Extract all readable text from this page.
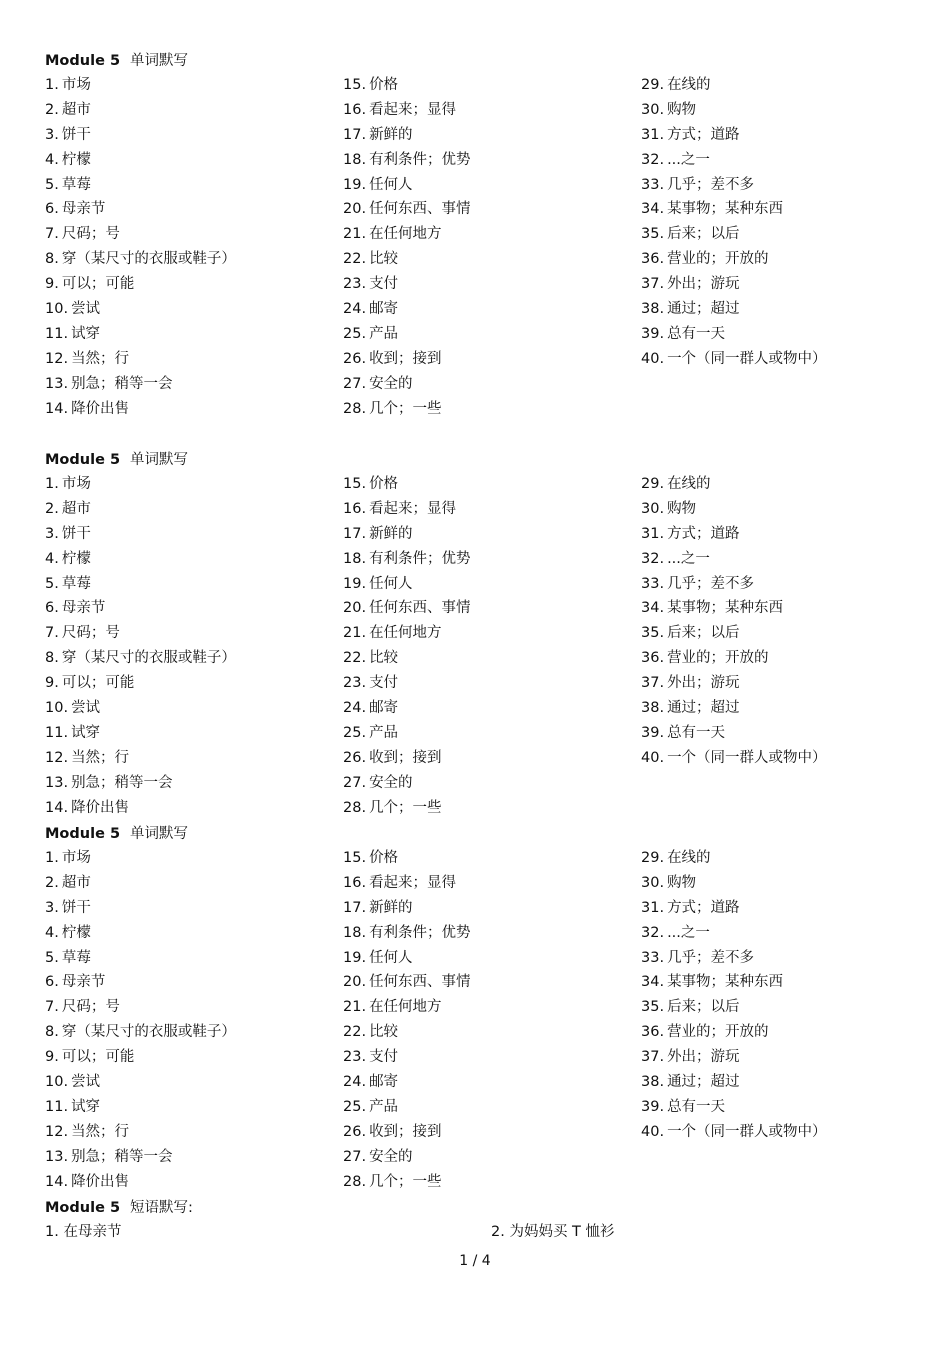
Module 5 单词默写
1. 市场
2. 超市
3. 饼干
4. 柠檬
5. 草莓
6. 母亲节
7. 尺码；号
8. 穿（某尺寸的衣服或鞋子）
9. 可以；可能
10. 尝试
11. 试穿
12. 当然；行
13. 别急；稍等一会
14. 降价出售
15. 价格
16. 看起来；显得
17. 新鲜的
18. 有利条件；优势
19. 任何人
20. 任何东西、事情
21. 在任何地方
22. 比较
23. 支付
24. 邮寄
25. 产品
26. 收到；接到
27. 安全的
28. 几个；一些
29. 在线的
30. 购物
31. 方式；道路
32. ...之一
33. 几乎；差不多
34. 某事物；某种东西
35. 后来；以后
36. 营业的；开放的
37. 外出；游玩
38. 通过；超过
39. 总有一天
40. 一个（同一群人或物中）
Module 5 单词默写
1. 市场
2. 超市
3. 饼干
4. 柠檬
5. 草莓
6. 母亲节
7. 尺码；号
8. 穿（某尺寸的衣服或鞋子）
9. 可以；可能
10. 尝试
11. 试穿
12. 当然；行
13. 别急；稍等一会
14. 降价出售
15. 价格
16. 看起来；显得
17. 新鲜的
18. 有利条件；优势
19. 任何人
20. 任何东西、事情
21. 在任何地方
22. 比较
23. 支付
24. 邮寄
25. 产品
26. 收到；接到
27. 安全的
28. 几个；一些
29. 在线的
30. 购物
31. 方式；道路
32. ...之一
33. 几乎；差不多
34. 某事物；某种东西
35. 后来；以后
36. 营业的；开放的
37. 外出；游玩
38. 通过；超过
39. 总有一天
40. 一个（同一群人或物中）
Module 5 单词默写
1. 市场
2. 超市
3. 饼干
4. 柠檬
5. 草莓
6. 母亲节
7. 尺码；号
8. 穿（某尺寸的衣服或鞋子）
9. 可以；可能
10. 尝试
11. 试穿
12. 当然；行
13. 别急；稍等一会
14. 降价出售
15. 价格
16. 看起来；显得
17. 新鲜的
18. 有利条件；优势
19. 任何人
20. 任何东西、事情
21. 在任何地方
22. 比较
23. 支付
24. 邮寄
25. 产品
26. 收到；接到
27. 安全的
28. 几个；一些
29. 在线的
30. 购物
31. 方式；道路
32. ...之一
33. 几乎；差不多
34. 某事物；某种东西
35. 后来；以后
36. 营业的；开放的
37. 外出；游玩
38. 通过；超过
39. 总有一天
40. 一个（同一群人或物中）
Module 5 短语默写:
1. 在母亲节	2. 为妈妈买 T 恤衫
1 / 4
